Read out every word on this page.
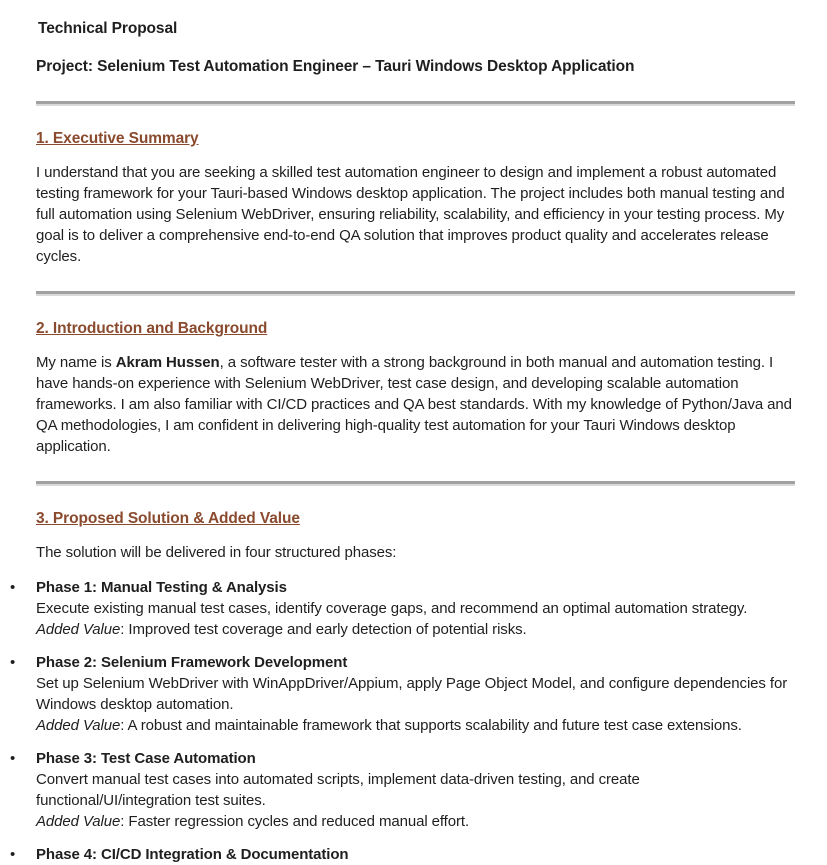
Technical Proposal
Project: Selenium Test Automation Engineer – Tauri Windows Desktop Application
1. Executive Summary

I understand that you are seeking a skilled test automation engineer to design and implement a robust automated testing framework for your Tauri-based Windows desktop application. The project includes both manual testing and full automation using Selenium WebDriver, ensuring reliability, scalability, and efficiency in your testing process. My goal is to deliver a comprehensive end-to-end QA solution that improves product quality and accelerates release cycles.

2. Introduction and Background

My name is Akram Hussen, a software tester with a strong background in both manual and automation testing. I have hands-on experience with Selenium WebDriver, test case design, and developing scalable automation frameworks. I am also familiar with CI/CD practices and QA best standards. With my knowledge of Python/Java and QA methodologies, I am confident in delivering high-quality test automation for your Tauri Windows desktop application.

3. Proposed Solution & Added Value

The solution will be delivered in four structured phases:

•	Phase 1: Manual Testing & Analysis
Execute existing manual test cases, identify coverage gaps, and recommend an optimal automation strategy.
Added Value: Improved test coverage and early detection of potential risks.
•	Phase 2: Selenium Framework Development
Set up Selenium WebDriver with WinAppDriver/Appium, apply Page Object Model, and configure dependencies for Windows desktop automation.
Added Value: A robust and maintainable framework that supports scalability and future test case extensions.
•	Phase 3: Test Case Automation
Convert manual test cases into automated scripts, implement data-driven testing, and create functional/UI/integration test suites.
Added Value: Faster regression cycles and reduced manual effort.
•	Phase 4: CI/CD Integration & Documentation
